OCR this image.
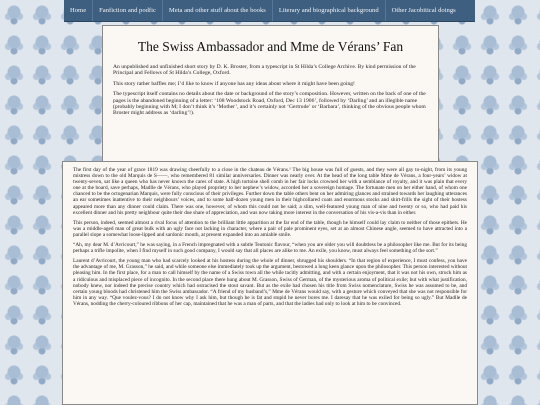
Home	Fanfiction and podfic	Meta and other stuff about the books	Literary and biographical background	Other Jacobitical doings
The Swiss Ambassador and Mme de Vérans’ Fan

An unpublished and unfinished short story by D. K. Broster, from a typescript in St Hilda’s College Archive. By kind permission of the Principal and Fellows of St Hilda’s College, Oxford.

This story rather baffles me; I’d like to know if anyone has any ideas about where it might have been going!

The typescript itself contains no details about the date or background of the story’s composition. However, written on the back of one of the pages is the abandoned beginning of a letter: ‘108 Woodstock Road, Oxford, Dec 13 1906’, followed by ‘Darling’ and an illegible name (probably beginning with M; I don’t think it’s ‘Mother’, and it’s certainly not ‘Gertrude’ or ‘Barbara’, thinking of the obvious people whom Broster might address as ‘darling’!).

The first day of the year of grace 1819 was drawing cheerfully to a close in the chateau de Vérans.¹ The big house was full of guests, and they were all gay to-night, from its young mistress down to the old Marquis de S——, who remembered 81 similar anniversaries. Dinner was nearly over. At the head of the long table Mme de Vérans, a four-years’ widow at twenty-seven, sat like a queen who has never known the cares of state. A high tortoise shell comb in her fair locks crowned her with a semblance of royalty, and it was plain that every one at the board, save perhaps, Madlle de Vérans, who played propriety to her nephew’s widow, accorded her a sovereign homage. The fortunate men on her either hand, of whom one chanced to be the octogenarian Marquis, were fully conscious of their privileges. Further down the table others bent on her admiring glances and strained towards her laughing utterances an ear sometimes inattentive to their neighbours’ voices, and to some half-dozen young men in their highcollared coats and enormous stocks and shirt-frills the sight of their hostess appeared more than any dinner could claim. There was one, however, of whom this could not be said; a slim, well-featured young man of nine and twenty or so, who had paid his excellent dinner and his pretty neighbour quite their due share of appreciation, and was now taking more interest in the conversation of his vis-a-vis than in either.

This person, indeed, seemed almost a rival focus of attention to the brilliant little apparition at the far end of the table, though he himself could lay claim to neither of those epithets. He was a middle-aged man of great bulk with an ugly face not lacking in character, where a pair of pale prominent eyes, set at an almost Chinese angle, seemed to have attracted into a parallel slope a somewhat loose-lipped and sardonic mouth, at present expanded into an amiable smile.

“Ah, my dear M. d’Avricourt,” he was saying, in a French impregnated with a subtle Teutonic flavour, “when you are older you will doubtless be a philosopher like me. But for its being perhaps a trifle impolite, when I find myself in such good company, I would say that all places are alike to me. An exile, you know, must always feel something of the sort.”

Laurent d’Avricourt, the young man who had scarcely looked at his hostess during the whole of dinner, shrugged his shoulders. “In that region of experience, I must confess, you have the advantage of me, M. Grasson,” he said, and while someone else immediately took up the argument, bestowed a long keen glance upon the philosopher. This person interested without pleasing him. In the first place, for a man to call himself by the name of a Swiss town all the while tacitly admitting, and with a certain enjoyment, that it was not his own, struck him as a ridiculous and misplaced piece of incognito. In the second place there hung about M. Grasson, Swiss of German, of the mysterious aroma of political exile; but with what justification, nobody knew, nor indeed the precise country which had ostracised the stout savant. But as the exile had chosen his title from Swiss nomenclature, Swiss he was assumed to be, and certain young bloods had christened him the Swiss ambassador. “A friend of my husband’s,” Mme de Vérans would say, with a gesture which conveyed that she was not responsible for him in any way. “Que voulez-vous? I do not know why I ask him, but though he is fat and stupid he never bores me. I daresay that he was exiled for being so ugly.” But Madlle de Vérans, nodding the cherry-coloured ribbons of her cap, maintained that he was a man of parts, and that the ladies had only to look at him to be convinced.
